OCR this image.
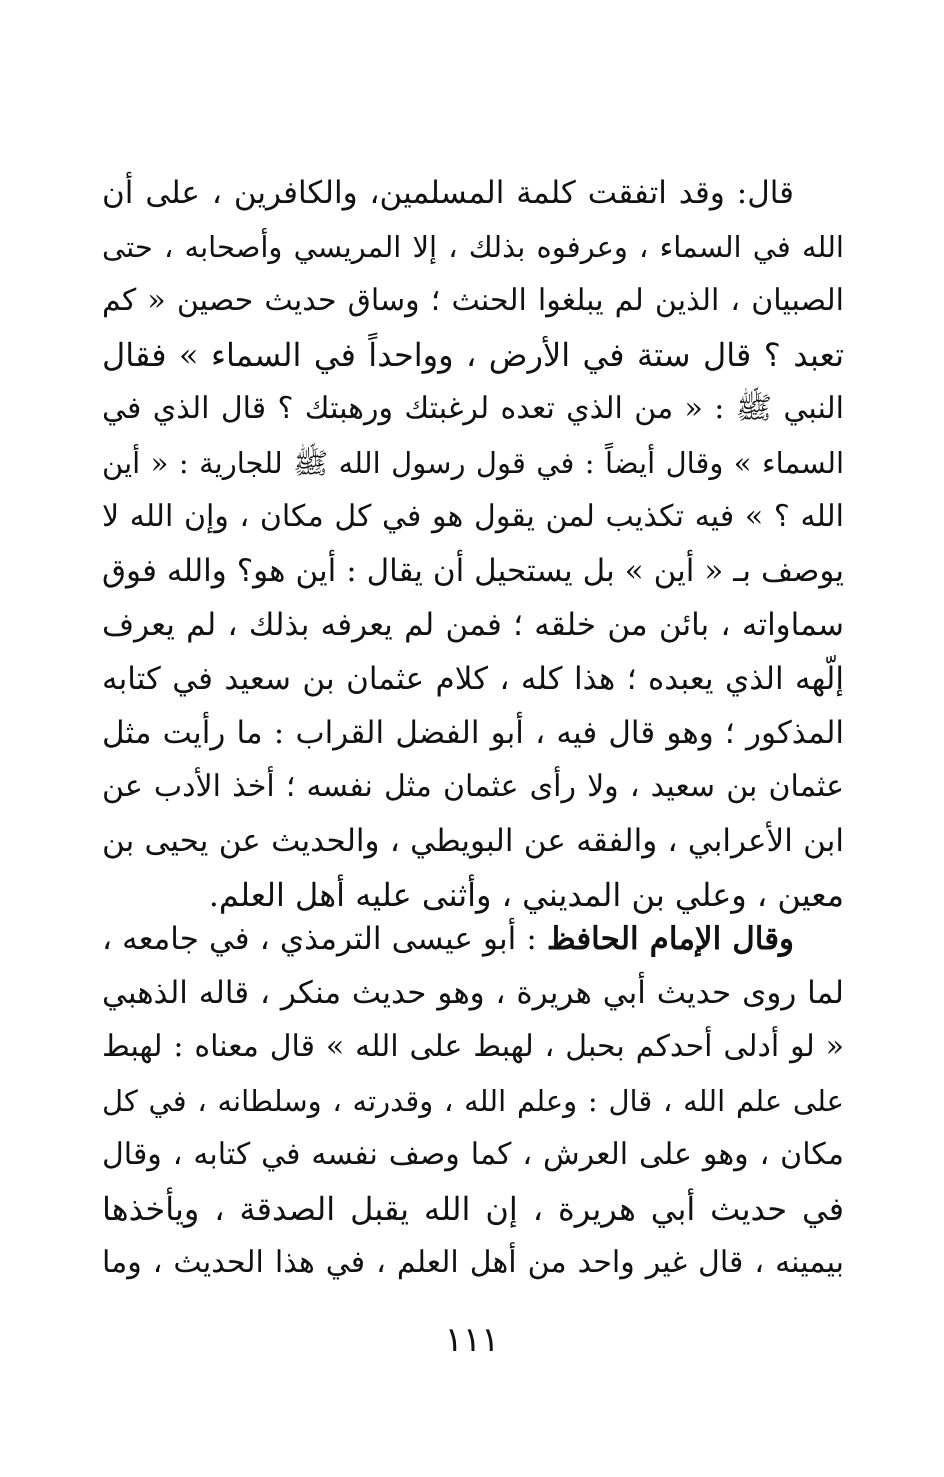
قال: وقد اتفقت كلمة المسلمين، والكافرين ، على أن
الله في السماء ، وعرفوه بذلك ، إلا المريسي وأصحابه ، حتى
الصبيان ، الذين لم يبلغوا الحنث ؛ وساق حديث حصين « كم
تعبد ؟ قال ستة في الأرض ، وواحداً في السماء » فقال
النبي ﷺ : « من الذي تعده لرغبتك ورهبتك ؟ قال الذي في
السماء » وقال أيضاً : في قول رسول الله ﷺ للجارية : « أين
الله ؟ » فيه تكذيب لمن يقول هو في كل مكان ، وإن الله لا
يوصف بـ « أين » بل يستحيل أن يقال : أين هو؟ والله فوق
سماواته ، بائن من خلقه ؛ فمن لم يعرفه بذلك ، لم يعرف
إلّهه الذي يعبده ؛ هذا كله ، كلام عثمان بن سعيد في كتابه
المذكور ؛ وهو قال فيه ، أبو الفضل القراب : ما رأيت مثل
عثمان بن سعيد ، ولا رأى عثمان مثل نفسه ؛ أخذ الأدب عن
ابن الأعرابي ، والفقه عن البويطي ، والحديث عن يحيى بن
معين ، وعلي بن المديني ، وأثنى عليه أهل العلم.
وقال الإمام الحافظ : أبو عيسى الترمذي ، في جامعه ،
لما روى حديث أبي هريرة ، وهو حديث منكر ، قاله الذهبي
« لو أدلى أحدكم بحبل ، لهبط على الله » قال معناه : لهبط
على علم الله ، قال : وعلم الله ، وقدرته ، وسلطانه ، في كل
مكان ، وهو على العرش ، كما وصف نفسه في كتابه ، وقال
في حديث أبي هريرة ، إن الله يقبل الصدقة ، ويأخذها
بيمينه ، قال غير واحد من أهل العلم ، في هذا الحديث ، وما
١١١
